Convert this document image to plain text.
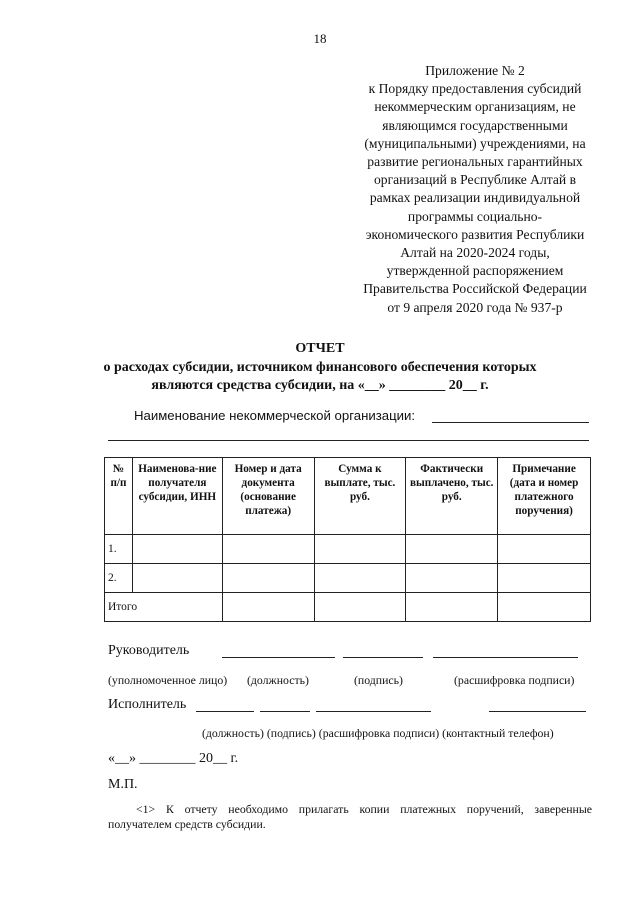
18
Приложение № 2
к Порядку предоставления субсидий
некоммерческим организациям, не
являющимся государственными
(муниципальными) учреждениями, на
развитие региональных гарантийных
организаций в Республике Алтай в
рамках реализации индивидуальной
программы социально-
экономического развития Республики
Алтай на 2020-2024 годы,
утвержденной распоряжением
Правительства Российской Федерации
от 9 апреля 2020 года № 937-р
ОТЧЕТ
о расходах субсидии, источником финансового обеспечения которых
являются средства субсидии, на «__» ________ 20__ г.
Наименование некоммерческой организации:
№ п/п	Наименова-ние получателя субсидии, ИНН	Номер и дата документа (основание платежа)	Сумма к выплате, тыс. руб.	Фактически выплачено, тыс. руб.	Примечание (дата и номер платежного поручения)
1.					
2.					
Итого					
Руководитель
(уполномоченное лицо) (должность)	(подпись)	(расшифровка подписи)
Исполнитель
(должность) (подпись) (расшифровка подписи) (контактный телефон)
«__» ________ 20__ г.
М.П.
<1> К отчету необходимо прилагать копии платежных поручений, заверенные получателем средств субсидии.
